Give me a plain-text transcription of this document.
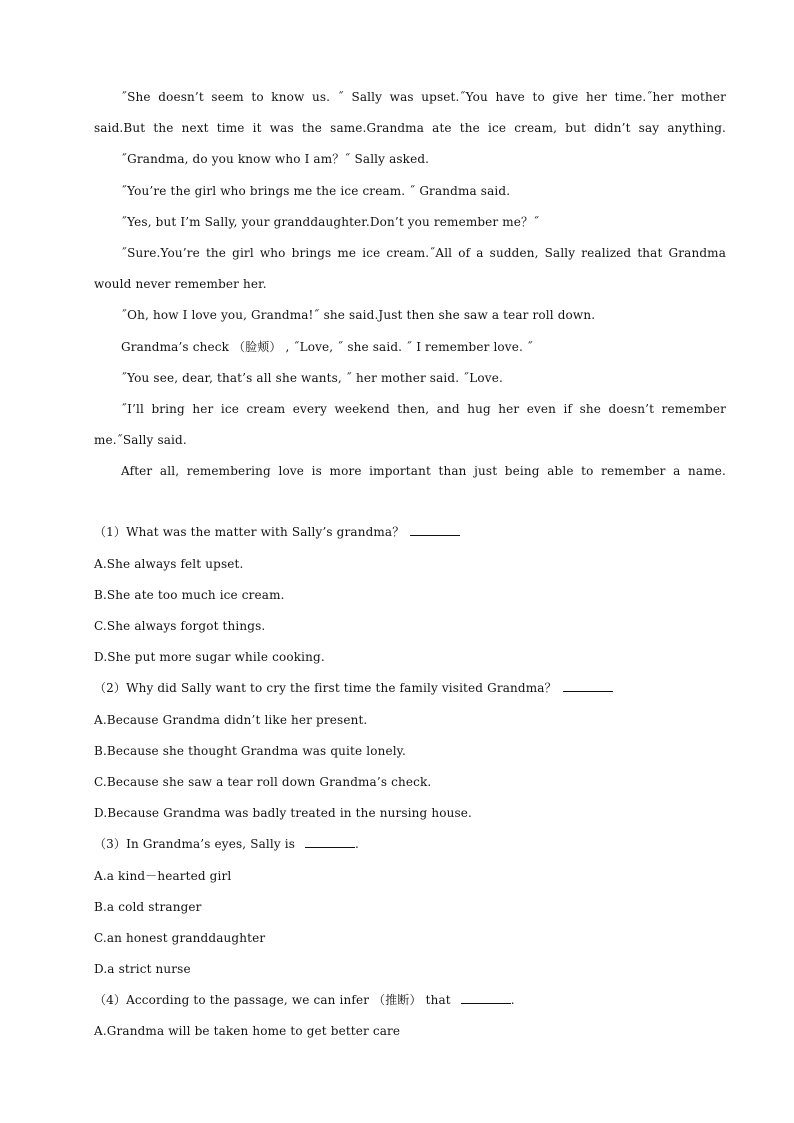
˝She doesn’t seem to know us. ˝ Sally was upset.˝You have to give her time.˝her mother
said.But the next time it was the same.Grandma ate the ice cream, but didn’t say anything.
˝Grandma, do you know who I am？˝ Sally asked.
˝You’re the girl who brings me the ice cream. ˝ Grandma said.
˝Yes, but I’m Sally, your granddaughter.Don’t you remember me？˝
˝Sure.You’re the girl who brings me ice cream.˝All of a sudden, Sally realized that Grandma
would never remember her.
˝Oh, how I love you, Grandma!˝ she said.Just then she saw a tear roll down.
Grandma’s check （脸颊） , ˝Love, ˝ she said. ˝ I remember love. ˝
˝You see, dear, that’s all she wants, ˝ her mother said. ˝Love.
˝I’ll bring her ice cream every weekend then, and hug her even if she doesn’t remember
me.˝Sally said.
After all, remembering love is more important than just being able to remember a name.
（1）What was the matter with Sally’s grandma？
A.She always felt upset.
B.She ate too much ice cream.
C.She always forgot things.
D.She put more sugar while cooking.
（2）Why did Sally want to cry the first time the family visited Grandma？
A.Because Grandma didn’t like her present.
B.Because she thought Grandma was quite lonely.
C.Because she saw a tear roll down Grandma’s check.
D.Because Grandma was badly treated in the nursing house.
（3）In Grandma’s eyes, Sally is	.
A.a kind－hearted girl
B.a cold stranger
C.an honest granddaughter
D.a strict nurse
（4）According to the passage, we can infer （推断） that	.
A.Grandma will be taken home to get better care
